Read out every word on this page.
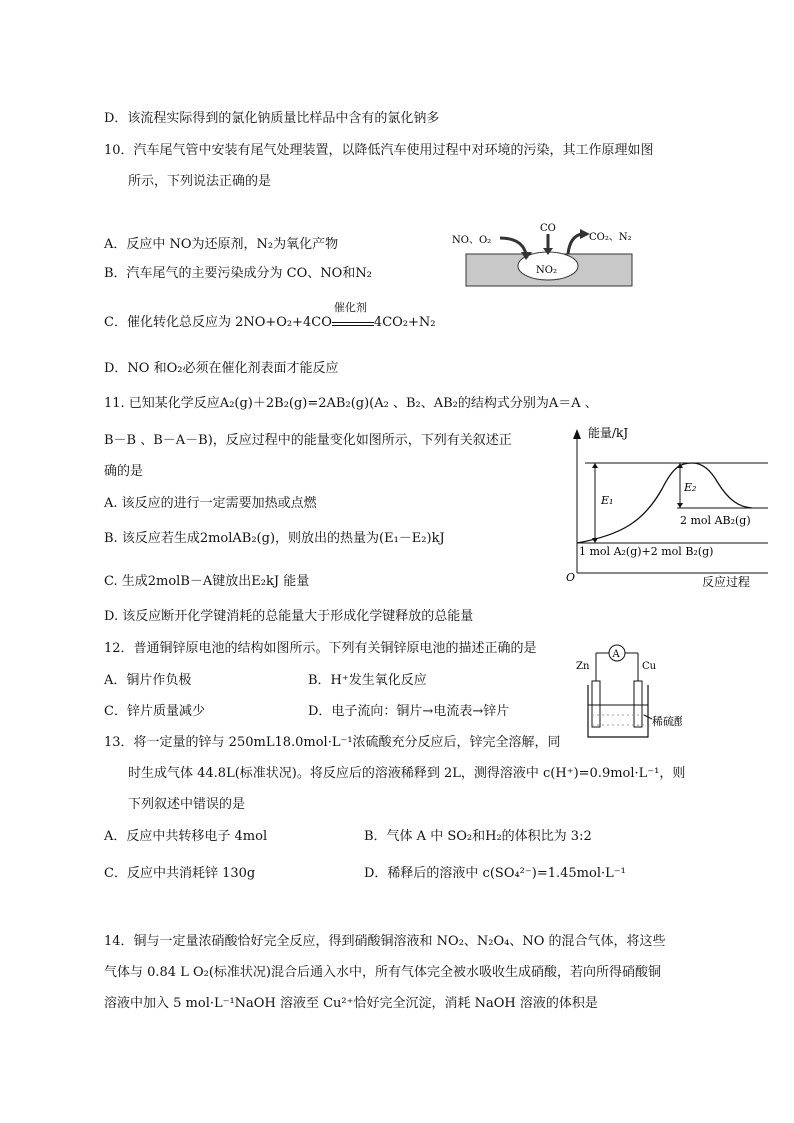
D．该流程实际得到的氯化钠质量比样品中含有的氯化钠多
10．汽车尾气管中安装有尾气处理装置，以降低汽车使用过程中对环境的污染，其工作原理如图
所示，下列说法正确的是
A．反应中 NO为还原剂，N₂为氧化产物
B．汽车尾气的主要污染成分为 CO、NO和N₂
C．催化转化总反应为 2NO+O₂+4CO
催化剂
4CO₂+N₂
D．NO 和O₂必须在催化剂表面才能反应
NO、O₂
CO
CO₂、N₂
NO₂
11. 已知某化学反应A₂(g)＋2B₂(g)=2AB₂(g)(A₂ 、B₂、AB₂的结构式分别为A＝A 、
B－B 、B－A－B)，反应过程中的能量变化如图所示，下列有关叙述正
确的是
A. 该反应的进行一定需要加热或点燃
B. 该反应若生成2molAB₂(g)，则放出的热量为(E₁－E₂)kJ
C. 生成2molB－A键放出E₂kJ 能量
D. 该反应断开化学键消耗的总能量大于形成化学键释放的总能量
能量/kJ
O	反应过程
E₁
E₂
2 mol AB₂(g)
1 mol A₂(g)+2 mol B₂(g)
12．普通铜锌原电池的结构如图所示。下列有关铜锌原电池的描述正确的是
A．铜片作负极	B．H⁺发生氧化反应
C．锌片质量减少	D．电子流向：铜片→电流表→锌片
A
Zn	Cu
稀硫酸
13．将一定量的锌与 250mL18.0mol·L⁻¹浓硫酸充分反应后，锌完全溶解，同
时生成气体 44.8L(标准状况)。将反应后的溶液稀释到 2L，测得溶液中 c(H⁺)=0.9mol·L⁻¹，则
下列叙述中错误的是
A．反应中共转移电子 4mol	B．气体 A 中 SO₂和H₂的体积比为 3:2
C．反应中共消耗锌 130g	D．稀释后的溶液中 c(SO₄²⁻)=1.45mol·L⁻¹
14．铜与一定量浓硝酸恰好完全反应，得到硝酸铜溶液和 NO₂、N₂O₄、NO 的混合气体，将这些
气体与 0.84 L O₂(标准状况)混合后通入水中，所有气体完全被水吸收生成硝酸，若向所得硝酸铜
溶液中加入 5 mol·L⁻¹NaOH 溶液至 Cu²⁺恰好完全沉淀，消耗 NaOH 溶液的体积是
